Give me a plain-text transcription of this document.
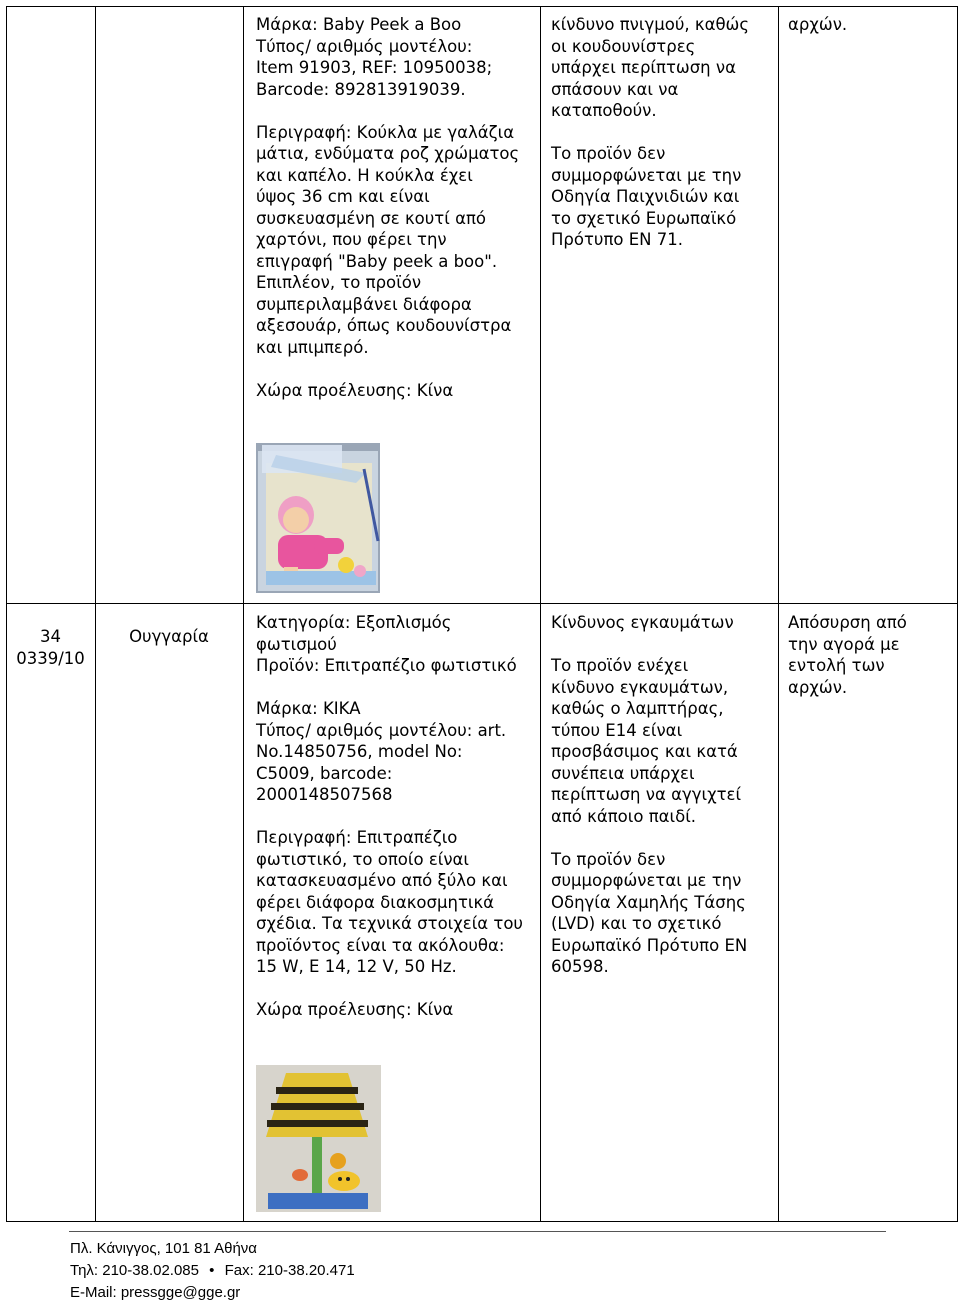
Μάρκα: Baby Peek a Boo
Τύπος/ αριθμός μοντέλου:
Item 91903, REF: 10950038;
Barcode: 892813919039.
Περιγραφή: Κούκλα με γαλάζια
μάτια, ενδύματα ροζ χρώματος
και καπέλο. Η κούκλα έχει
ύψος 36 cm και είναι
συσκευασμένη σε κουτί από
χαρτόνι, που φέρει την
επιγραφή "Baby peek a boo".
Επιπλέον, το προϊόν
συμπεριλαμβάνει διάφορα
αξεσουάρ, όπως κουδουνίστρα
και μπιμπερό.
Χώρα προέλευσης: Κίνα
κίνδυνο πνιγμού, καθώς
οι κουδουνίστρες
υπάρχει περίπτωση να
σπάσουν και να
καταποθούν.
Το προϊόν δεν
συμμορφώνεται με την
Οδηγία Παιχνιδιών και
το σχετικό Ευρωπαϊκό
Πρότυπο ΕΝ 71.
αρχών.
34
0339/10
Ουγγαρία
Κατηγορία: Εξοπλισμός
φωτισμού
Προϊόν: Επιτραπέζιο φωτιστικό
Μάρκα: KIKA
Τύπος/ αριθμός μοντέλου: art.
No.14850756, model No:
C5009, barcode:
2000148507568
Περιγραφή: Επιτραπέζιο
φωτιστικό, το οποίο είναι
κατασκευασμένο από ξύλο και
φέρει διάφορα διακοσμητικά
σχέδια. Τα τεχνικά στοιχεία του
προϊόντος είναι τα ακόλουθα:
15 W, E 14, 12 V, 50 Hz.
Χώρα προέλευσης: Κίνα
Κίνδυνος εγκαυμάτων
Το προϊόν ενέχει
κίνδυνο εγκαυμάτων,
καθώς ο λαμπτήρας,
τύπου Ε14 είναι
προσβάσιμος και κατά
συνέπεια υπάρχει
περίπτωση να αγγιχτεί
από κάποιο παιδί.
Το προϊόν δεν
συμμορφώνεται με την
Οδηγία Χαμηλής Τάσης
(LVD) και το σχετικό
Ευρωπαϊκό Πρότυπο ΕΝ
60598.
Απόσυρση από
την αγορά με
εντολή των
αρχών.
Πλ. Κάνιγγος, 101 81 Αθήνα
Τηλ: 210-38.02.085 • Fax: 210-38.20.471
E-Mail: pressgge@gge.gr
